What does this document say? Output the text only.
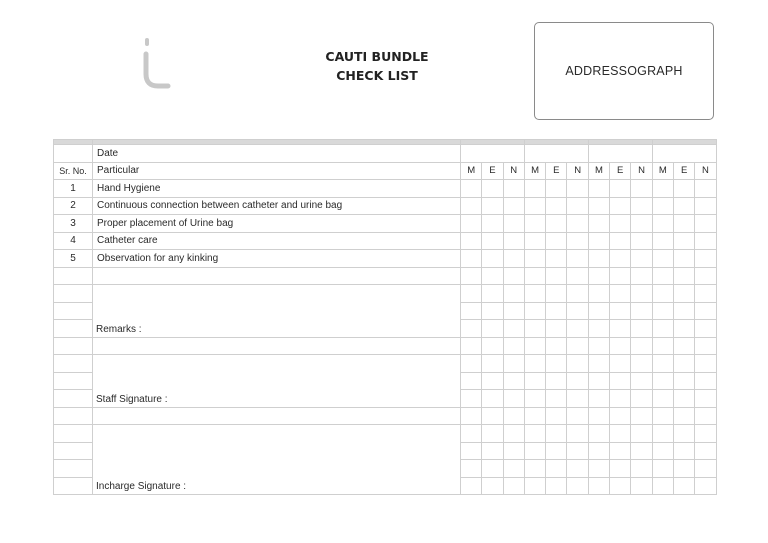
CAUTI BUNDLE
CHECK LIST	ADDRESSOGRAPH

	Date												
Sr. No.	Particular	M	E	N	M	E	N	M	E	N	M	E	N
1	Hand Hygiene												
2	Continuous connection between catheter and urine bag												
3	Proper placement of Urine bag												
4	Catheter care												
5	Observation for any kinking												

	Remarks :												

	Staff Signature :												

	Incharge Signature :												
